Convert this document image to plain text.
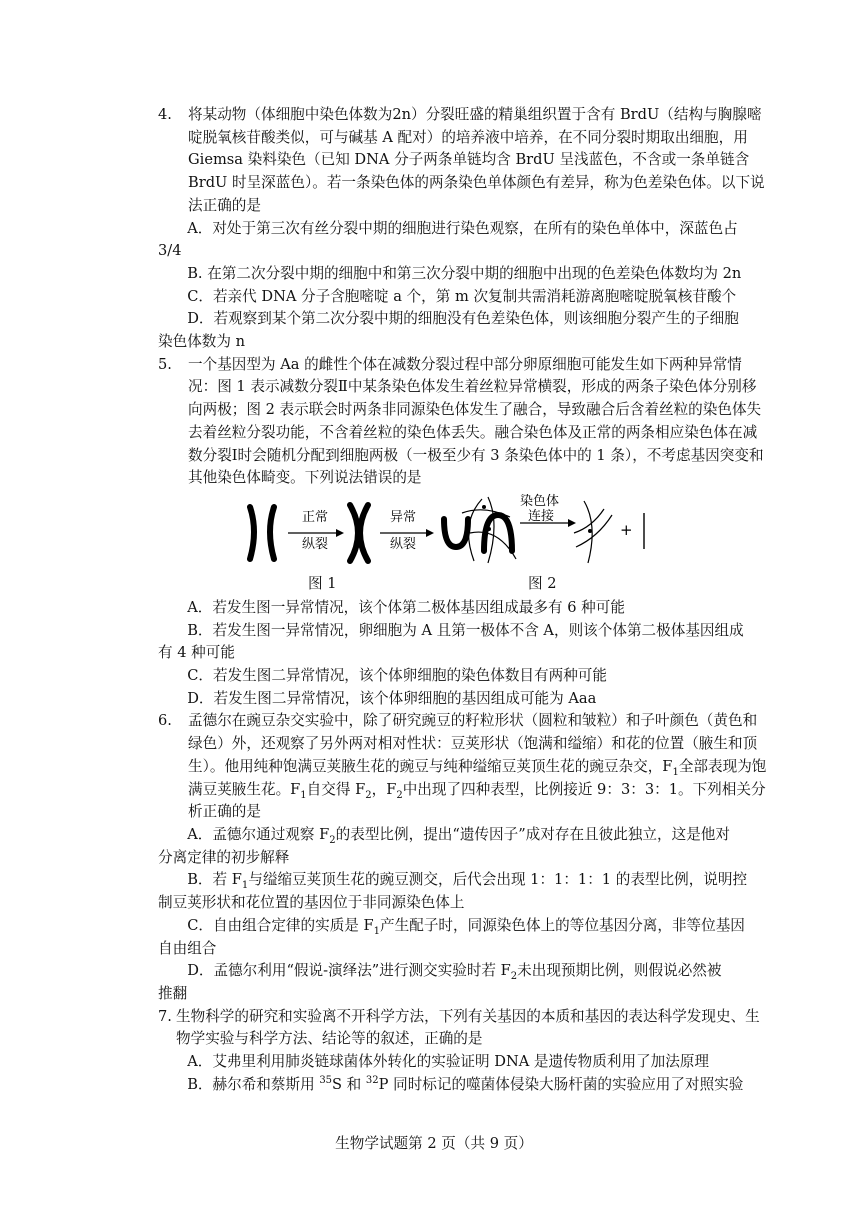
4. 将某动物（体细胞中染色体数为2n）分裂旺盛的精巢组织置于含有 BrdU（结构与胸腺嘧啶脱氧核苷酸类似，可与碱基 A 配对）的培养液中培养，在不同分裂时期取出细胞，用 Giemsa 染料染色（已知 DNA 分子两条单链均含 BrdU 呈浅蓝色，不含或一条单链含 BrdU 时呈深蓝色）。若一条染色体的两条染色单体颜色有差异，称为色差染色体。以下说法正确的是
A．对处于第三次有丝分裂中期的细胞进行染色观察，在所有的染色单体中，深蓝色占
3/4
B. 在第二次分裂中期的细胞中和第三次分裂中期的细胞中出现的色差染色体数均为 2n
C．若亲代 DNA 分子含胞嘧啶 a 个，第 m 次复制共需消耗游离胞嘧啶脱氧核苷酸个
D．若观察到某个第二次分裂中期的细胞没有色差染色体，则该细胞分裂产生的子细胞
染色体数为 n
5. 一个基因型为 Aa 的雌性个体在减数分裂过程中部分卵原细胞可能发生如下两种异常情况：图 1 表示减数分裂Ⅱ中某条染色体发生着丝粒异常横裂，形成的两条子染色体分别移向两极；图 2 表示联会时两条非同源染色体发生了融合，导致融合后含着丝粒的染色体失去着丝粒分裂功能，不含着丝粒的染色体丢失。融合染色体及正常的两条相应染色体在减数分裂Ⅰ时会随机分配到细胞两极（一极至少有 3 条染色体中的 1 条），不考虑基因突变和其他染色体畸变。下列说法错误的是
正常
纵裂
异常
纵裂
染色体
连接
+
图 1	图 2
A．若发生图一异常情况，该个体第二极体基因组成最多有 6 种可能
B．若发生图一异常情况，卵细胞为 A 且第一极体不含 A，则该个体第二极体基因组成
有 4 种可能
C．若发生图二异常情况，该个体卵细胞的染色体数目有两种可能
D．若发生图二异常情况，该个体卵细胞的基因组成可能为 Aaa
6. 孟德尔在豌豆杂交实验中，除了研究豌豆的籽粒形状（圆粒和皱粒）和子叶颜色（黄色和绿色）外，还观察了另外两对相对性状：豆荚形状（饱满和缢缩）和花的位置（腋生和顶生）。他用纯种饱满豆荚腋生花的豌豆与纯种缢缩豆荚顶生花的豌豆杂交，$F_1$全部表现为饱满豆荚腋生花。$F_1$自交得 $F_2$，$F_2$中出现了四种表型，比例接近 9：3：3：1。下列相关分析正确的是
A．孟德尔通过观察 $F_2$的表型比例，提出“遗传因子”成对存在且彼此独立，这是他对
分离定律的初步解释
B．若 $F_1$与缢缩豆荚顶生花的豌豆测交，后代会出现 1：1：1：1 的表型比例，说明控
制豆荚形状和花位置的基因位于非同源染色体上
C．自由组合定律的实质是 $F_1$产生配子时，同源染色体上的等位基因分离，非等位基因
自由组合
D．孟德尔利用“假说-演绎法”进行测交实验时若 $F_2$未出现预期比例，则假说必然被
推翻
7. 生物科学的研究和实验离不开科学方法，下列有关基因的本质和基因的表达科学发现史、生物学实验与科学方法、结论等的叙述，正确的是
A．艾弗里利用肺炎链球菌体外转化的实验证明 DNA 是遗传物质利用了加法原理
B．赫尔希和蔡斯用 $^{35}$S 和 $^{32}$P 同时标记的噬菌体侵染大肠杆菌的实验应用了对照实验
生物学试题第 2 页（共 9 页）
